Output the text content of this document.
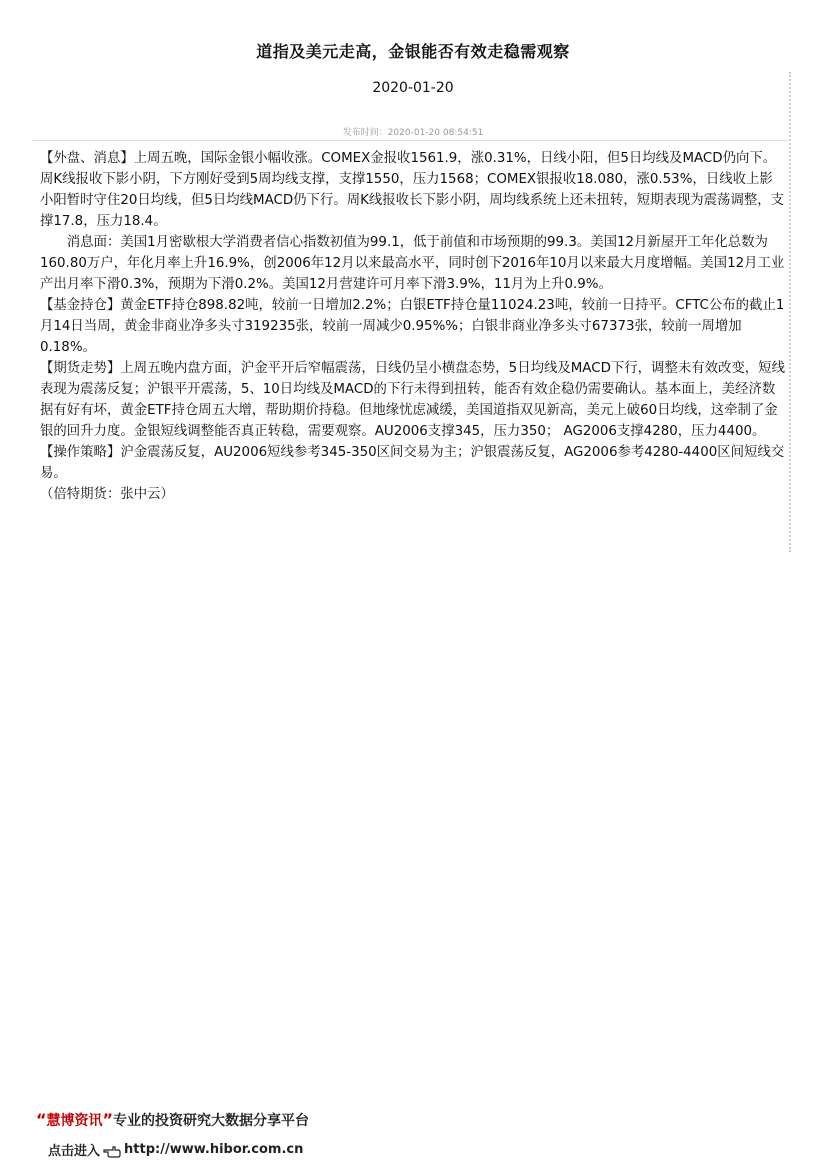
道指及美元走高，金银能否有效走稳需观察
2020-01-20
发布时间：2020-01-20 08:54:51

【外盘、消息】上周五晚，国际金银小幅收涨。COMEX金报收1561.9，涨0.31%，日线小阳，但5日均线及MACD仍向下。周K线报收下影小阴，下方刚好受到5周均线支撑，支撑1550，压力1568；COMEX银报收18.080，涨0.53%，日线收上影小阳暂时守住20日均线，但5日均线MACD仍下行。周K线报收长下影小阴，周均线系统上还未扭转，短期表现为震荡调整，支撑17.8，压力18.4。

消息面：美国1月密歇根大学消费者信心指数初值为99.1，低于前值和市场预期的99.3。美国12月新屋开工年化总数为160.80万户，年化月率上升16.9%，创2006年12月以来最高水平，同时创下2016年10月以来最大月度增幅。美国12月工业产出月率下滑0.3%，预期为下滑0.2%。美国12月营建许可月率下滑3.9%，11月为上升0.9%。

【基金持仓】黄金ETF持仓898.82吨，较前一日增加2.2%；白银ETF持仓量11024.23吨，较前一日持平。CFTC公布的截止1月14日当周，黄金非商业净多头寸319235张，较前一周减少0.95%%；白银非商业净多头寸67373张，较前一周增加0.18%。

【期货走势】上周五晚内盘方面，沪金平开后窄幅震荡，日线仍呈小横盘态势，5日均线及MACD下行，调整未有效改变，短线表现为震荡反复；沪银平开震荡，5、10日均线及MACD的下行未得到扭转，能否有效企稳仍需要确认。基本面上，美经济数据有好有坏，黄金ETF持仓周五大增，帮助期价持稳。但地缘忧虑减缓，美国道指双见新高，美元上破60日均线，这牵制了金银的回升力度。金银短线调整能否真正转稳，需要观察。AU2006支撑345，压力350； AG2006支撑4280，压力4400。

【操作策略】沪金震荡反复，AU2006短线参考345-350区间交易为主；沪银震荡反复，AG2006参考4280-4400区间短线交易。

（倍特期货：张中云）

“慧博资讯”专业的投资研究大数据分享平台
点击进入 http://www.hibor.com.cn
